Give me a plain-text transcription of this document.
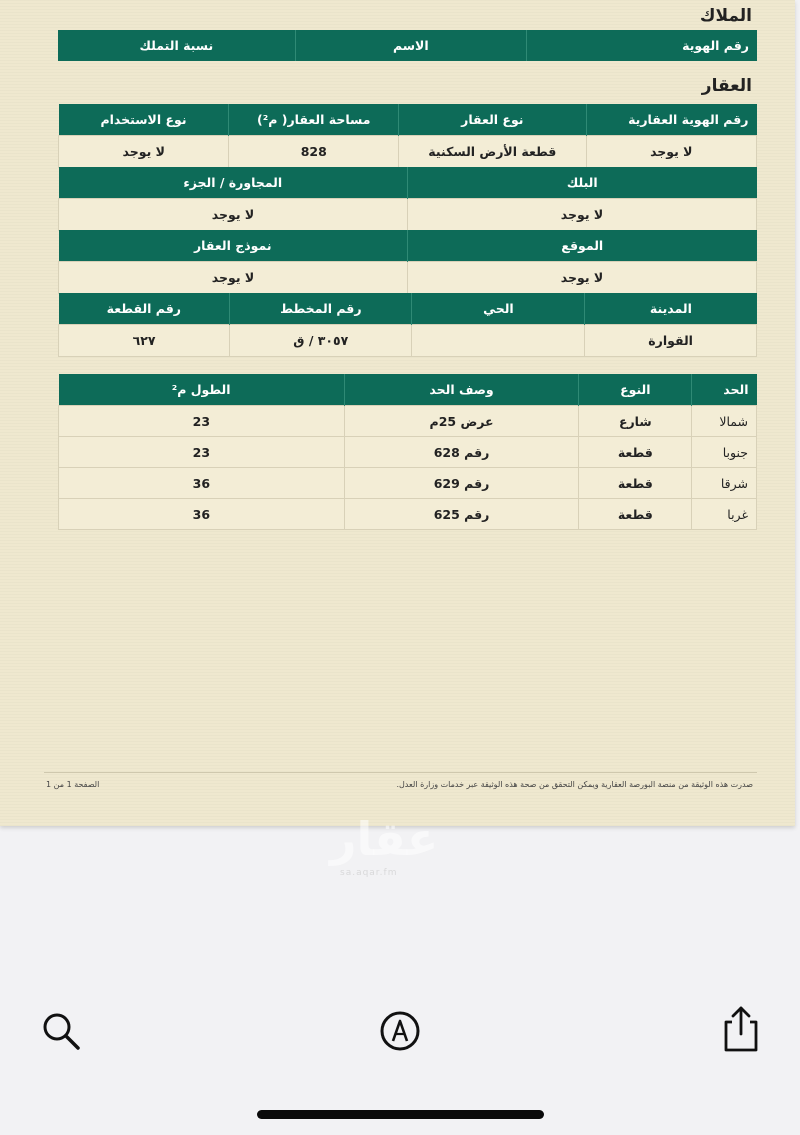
الملاك
رقم الهوية	الاسم	نسبة التملك
العقار
رقم الهوية العقارية	نوع العقار	مساحة العقار( م²)	نوع الاستخدام
لا يوجد	قطعة الأرض السكنية	828	لا يوجد
البلك	المجاورة / الجزء
لا يوجد	لا يوجد
الموقع	نموذج العقار
لا يوجد	لا يوجد
المدينة	الحي	رقم المخطط	رقم القطعة
القوارة		٣٠٥٧ / ق	٦٢٧
الحد	النوع	وصف الحد	الطول م²
شمالا	شارع	عرض 25م	23
جنوبا	قطعة	رقم 628	23
شرقا	قطعة	رقم 629	36
غربا	قطعة	رقم 625	36
صدرت هذه الوثيقة من منصة البورصة العقارية ويمكن التحقق من صحة هذه الوثيقة عبر خدمات وزارة العدل.
الصفحة 1 من 1
عقار
sa.aqar.fm
